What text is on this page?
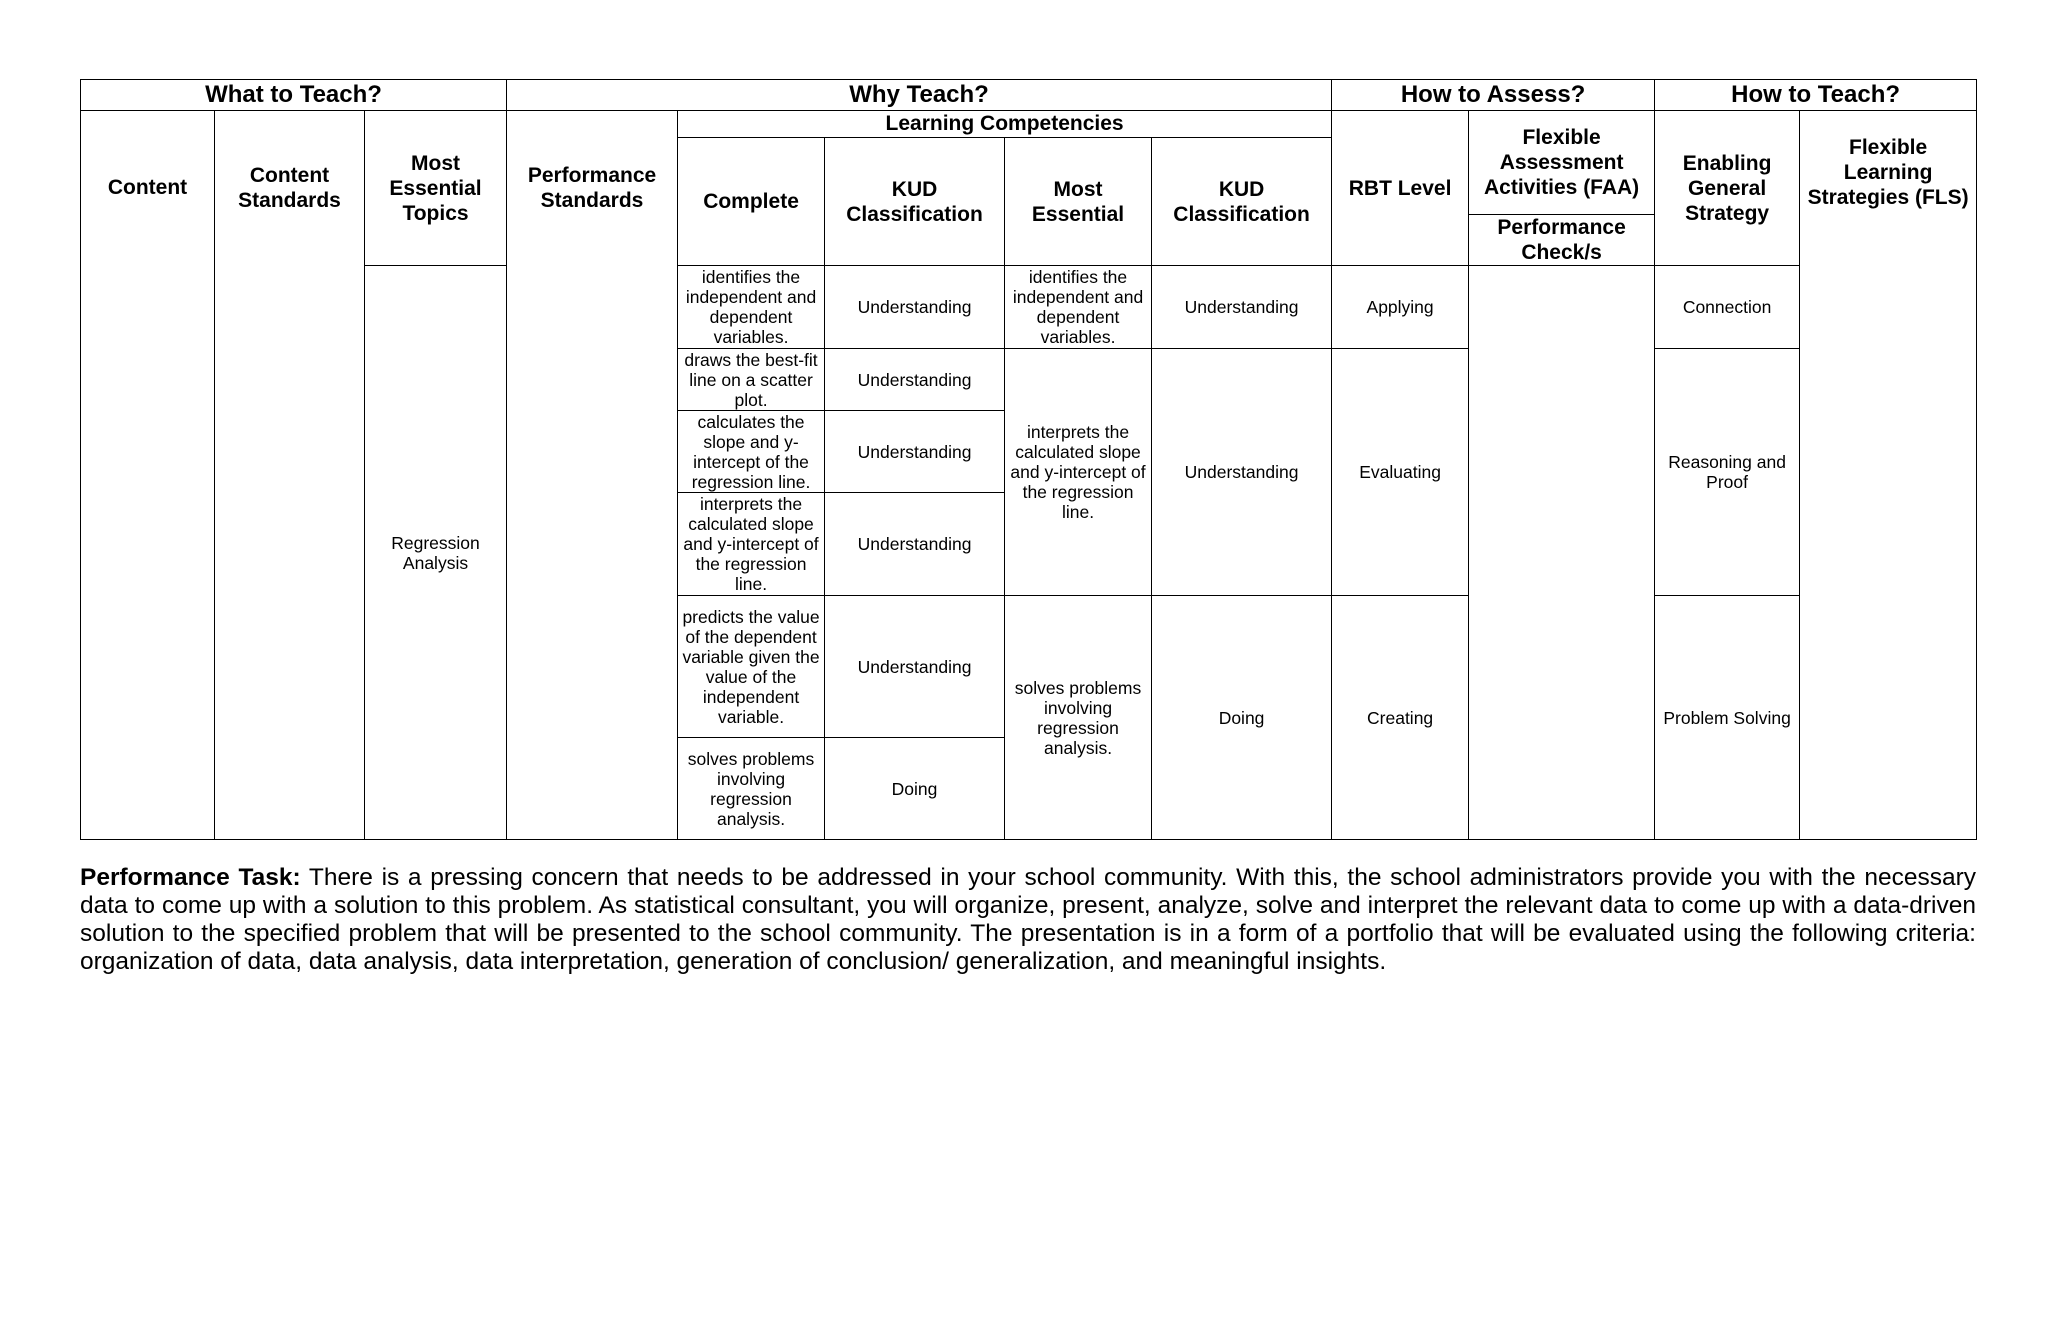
What to Teach?			Why Teach?					How to Assess?		How to Teach?	
Content	Content Standards	Most Essential Topics	Performance Standards	Learning Competencies				RBT Level	Flexible Assessment Activities (FAA)	Enabling General Strategy	Flexible Learning Strategies (FLS)
				Complete	KUD Classification	Most Essential	KUD Classification				
									Performance Check/s		
		Regression Analysis		identifies the independent and dependent variables.	Understanding	identifies the independent and dependent variables.	Understanding	Applying		Connection	
				draws the best-fit line on a scatter plot.	Understanding	interprets the calculated slope and y-intercept of the regression line.	Understanding	Evaluating		Reasoning and Proof	
				calculates the slope and y-intercept of the regression line.	Understanding						
				interprets the calculated slope and y-intercept of the regression line.	Understanding						
				predicts the value of the dependent variable given the value of the independent variable.	Understanding	solves problems involving regression analysis.	Doing	Creating		Problem Solving	
				solves problems involving regression analysis.	Doing						
Performance Task: There is a pressing concern that needs to be addressed in your school community. With this, the school administrators provide you with the necessary data to come up with a solution to this problem. As statistical consultant, you will organize, present, analyze, solve and interpret the relevant data to come up with a data-driven solution to the specified problem that will be presented to the school community. The presentation is in a form of a portfolio that will be evaluated using the following criteria: organization of data, data analysis, data interpretation, generation of conclusion/ generalization, and meaningful insights.
